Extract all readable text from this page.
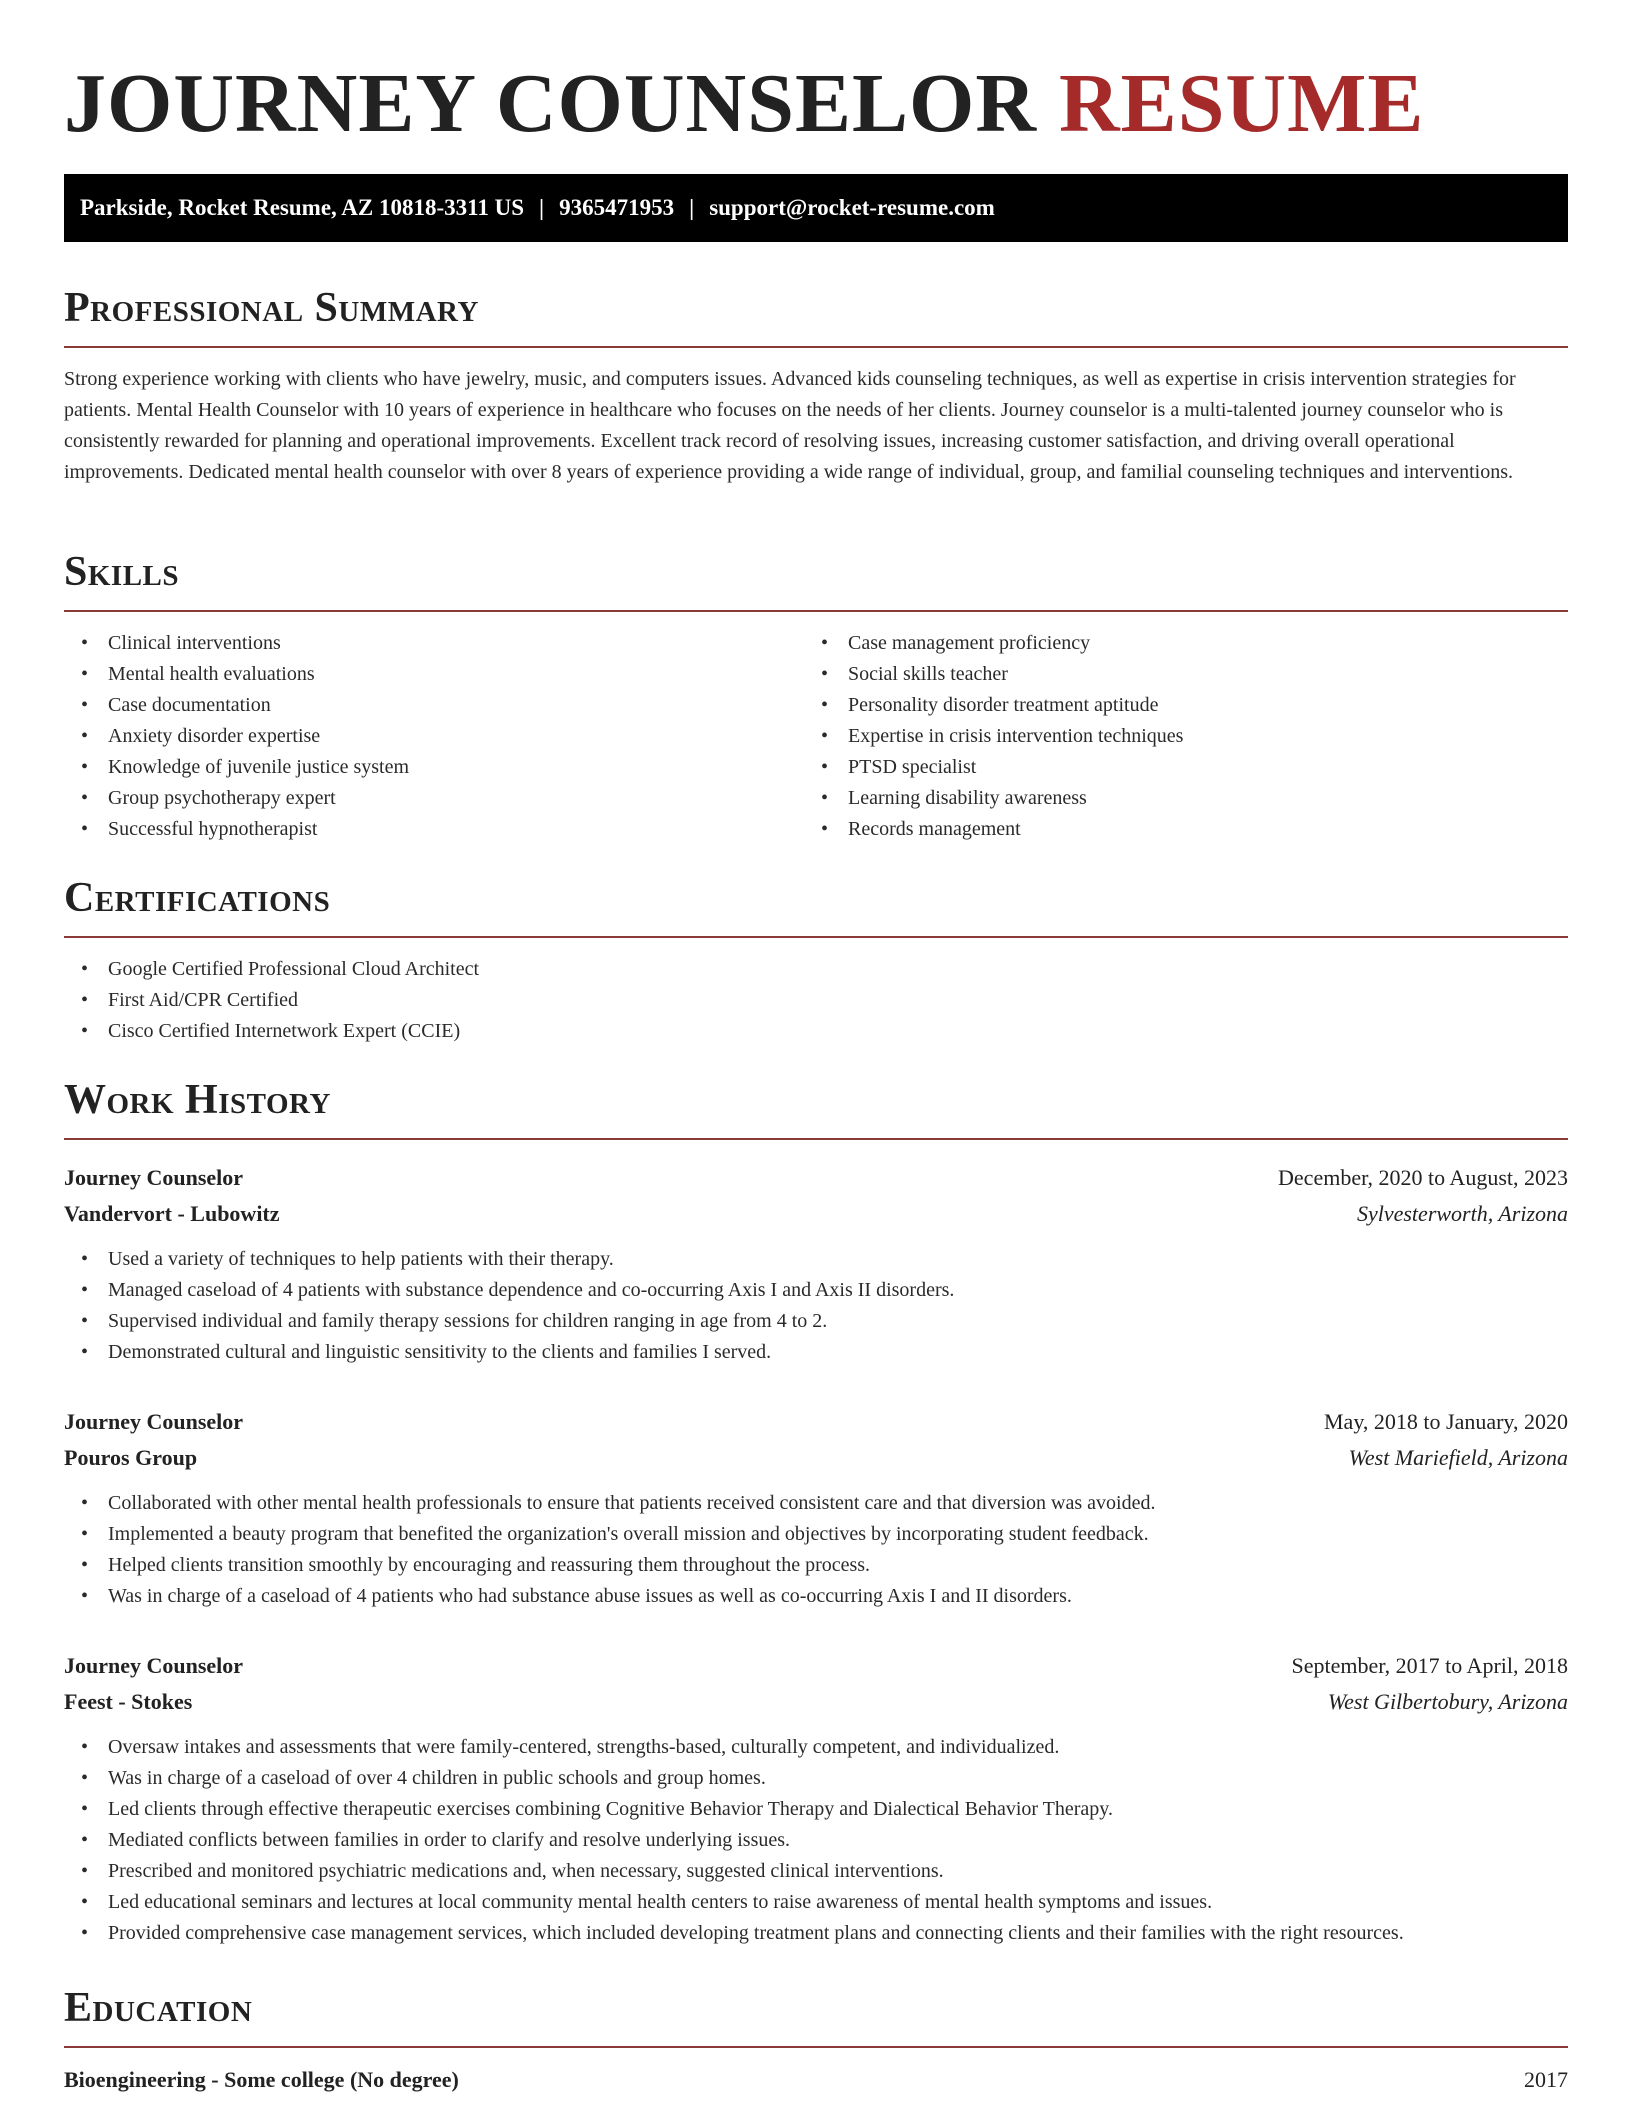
JOURNEY COUNSELOR RESUME
Parkside, Rocket Resume, AZ 10818-3311 US | 9365471953 | support@rocket-resume.com
Professional Summary
Strong experience working with clients who have jewelry, music, and computers issues. Advanced kids counseling techniques, as well as expertise in crisis intervention strategies for patients. Mental Health Counselor with 10 years of experience in healthcare who focuses on the needs of her clients. Journey counselor is a multi-talented journey counselor who is consistently rewarded for planning and operational improvements. Excellent track record of resolving issues, increasing customer satisfaction, and driving overall operational improvements. Dedicated mental health counselor with over 8 years of experience providing a wide range of individual, group, and familial counseling techniques and interventions.
Skills
• Clinical interventions
• Mental health evaluations
• Case documentation
• Anxiety disorder expertise
• Knowledge of juvenile justice system
• Group psychotherapy expert
• Successful hypnotherapist
• Case management proficiency
• Social skills teacher
• Personality disorder treatment aptitude
• Expertise in crisis intervention techniques
• PTSD specialist
• Learning disability awareness
• Records management
Certifications
• Google Certified Professional Cloud Architect
• First Aid/CPR Certified
• Cisco Certified Internetwork Expert (CCIE)
Work History
Journey Counselor	December, 2020 to August, 2023
Vandervort - Lubowitz	Sylvesterworth, Arizona
• Used a variety of techniques to help patients with their therapy.
• Managed caseload of 4 patients with substance dependence and co-occurring Axis I and Axis II disorders.
• Supervised individual and family therapy sessions for children ranging in age from 4 to 2.
• Demonstrated cultural and linguistic sensitivity to the clients and families I served.
Journey Counselor	May, 2018 to January, 2020
Pouros Group	West Mariefield, Arizona
• Collaborated with other mental health professionals to ensure that patients received consistent care and that diversion was avoided.
• Implemented a beauty program that benefited the organization's overall mission and objectives by incorporating student feedback.
• Helped clients transition smoothly by encouraging and reassuring them throughout the process.
• Was in charge of a caseload of 4 patients who had substance abuse issues as well as co-occurring Axis I and II disorders.
Journey Counselor	September, 2017 to April, 2018
Feest - Stokes	West Gilbertobury, Arizona
• Oversaw intakes and assessments that were family-centered, strengths-based, culturally competent, and individualized.
• Was in charge of a caseload of over 4 children in public schools and group homes.
• Led clients through effective therapeutic exercises combining Cognitive Behavior Therapy and Dialectical Behavior Therapy.
• Mediated conflicts between families in order to clarify and resolve underlying issues.
• Prescribed and monitored psychiatric medications and, when necessary, suggested clinical interventions.
• Led educational seminars and lectures at local community mental health centers to raise awareness of mental health symptoms and issues.
• Provided comprehensive case management services, which included developing treatment plans and connecting clients and their families with the right resources.
Education
Bioengineering - Some college (No degree)	2017
